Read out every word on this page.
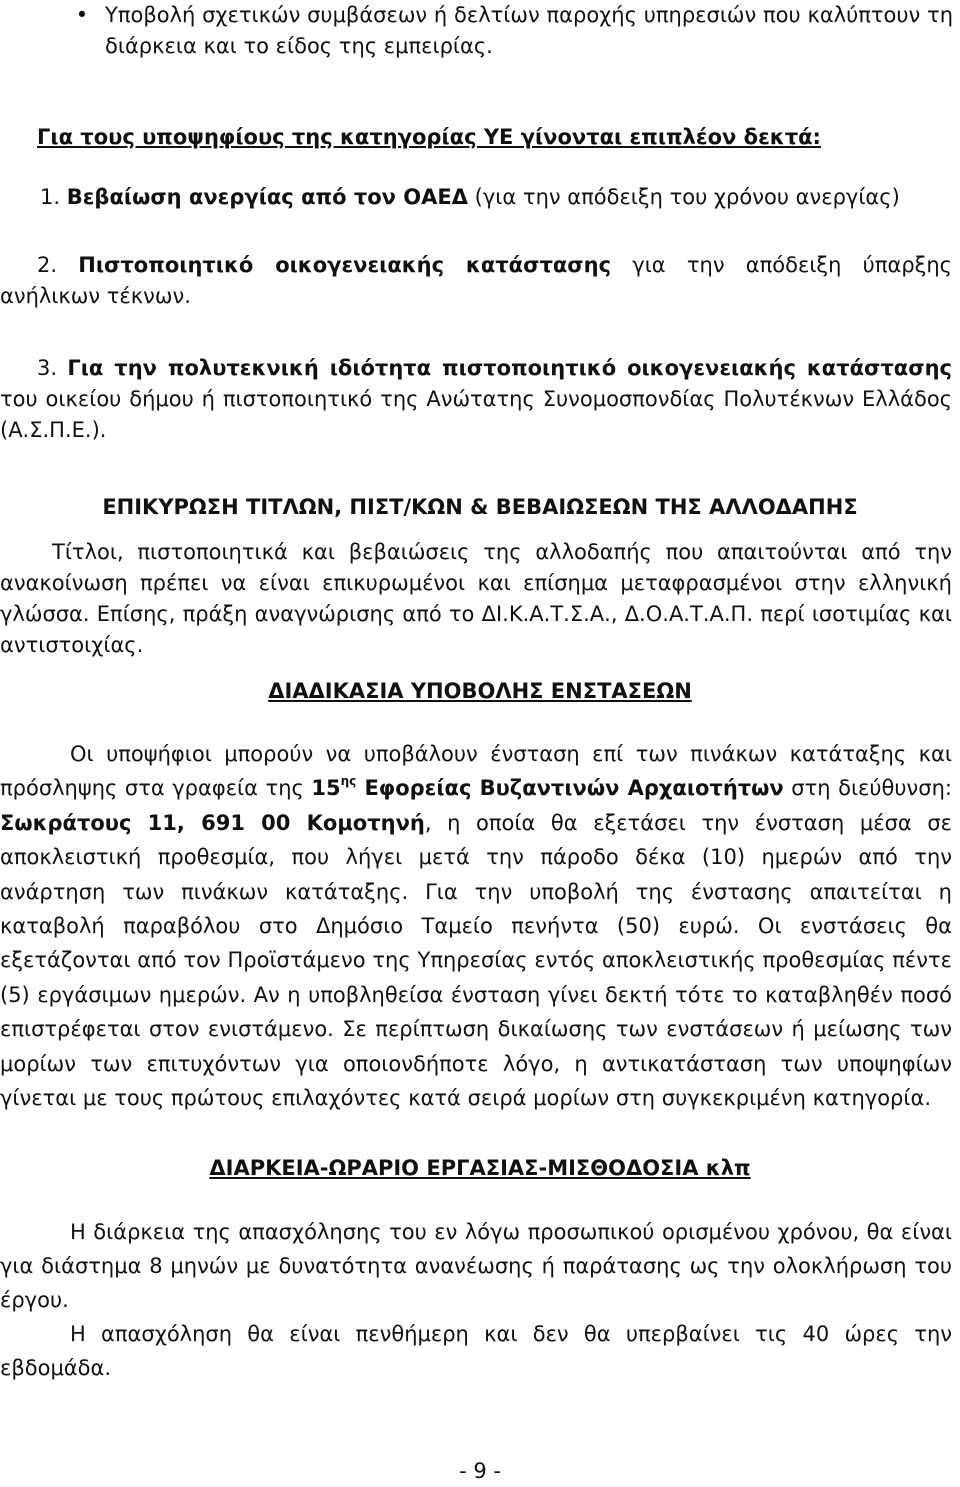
• Υποβολή σχετικών συμβάσεων ή δελτίων παροχής υπηρεσιών που καλύπτουν τη διάρκεια και το είδος της εμπειρίας.

Για τους υποψηφίους της κατηγορίας ΥΕ γίνονται επιπλέον δεκτά:

1. Βεβαίωση ανεργίας από τον ΟΑΕΔ (για την απόδειξη του χρόνου ανεργίας)

2. Πιστοποιητικό οικογενειακής κατάστασης για την απόδειξη ύπαρξης ανήλικων τέκνων.

3. Για την πολυτεκνική ιδιότητα πιστοποιητικό οικογενειακής κατάστασης του οικείου δήμου ή πιστοποιητικό της Ανώτατης Συνομοσπονδίας Πολυτέκνων Ελλάδος (Α.Σ.Π.Ε.).

ΕΠΙΚΥΡΩΣΗ ΤΙΤΛΩΝ, ΠΙΣΤ/ΚΩΝ & ΒΕΒΑΙΩΣΕΩΝ ΤΗΣ ΑΛΛΟΔΑΠΗΣ

Τίτλοι, πιστοποιητικά και βεβαιώσεις της αλλοδαπής που απαιτούνται από την ανακοίνωση πρέπει να είναι επικυρωμένοι και επίσημα μεταφρασμένοι στην ελληνική γλώσσα. Επίσης, πράξη αναγνώρισης από το ΔΙ.Κ.Α.Τ.Σ.Α., Δ.Ο.Α.Τ.Α.Π. περί ισοτιμίας και αντιστοιχίας.

ΔΙΑΔΙΚΑΣΙΑ ΥΠΟΒΟΛΗΣ ΕΝΣΤΑΣΕΩΝ

Οι υποψήφιοι μπορούν να υποβάλουν ένσταση επί των πινάκων κατάταξης και πρόσληψης στα γραφεία της $15^{\eta\varsigma}$ Εφορείας Βυζαντινών Αρχαιοτήτων στη διεύθυνση: Σωκράτους 11, 691 00 Κομοτηνή, η οποία θα εξετάσει την ένσταση μέσα σε αποκλειστική προθεσμία, που λήγει μετά την πάροδο δέκα (10) ημερών από την ανάρτηση των πινάκων κατάταξης. Για την υποβολή της ένστασης απαιτείται η καταβολή παραβόλου στο Δημόσιο Ταμείο πενήντα (50) ευρώ. Οι ενστάσεις θα εξετάζονται από τον Προϊστάμενο της Υπηρεσίας εντός αποκλειστικής προθεσμίας πέντε (5) εργάσιμων ημερών. Αν η υποβληθείσα ένσταση γίνει δεκτή τότε το καταβληθέν ποσό επιστρέφεται στον ενιστάμενο. Σε περίπτωση δικαίωσης των ενστάσεων ή μείωσης των μορίων των επιτυχόντων για οποιονδήποτε λόγο, η αντικατάσταση των υποψηφίων γίνεται με τους πρώτους επιλαχόντες κατά σειρά μορίων στη συγκεκριμένη κατηγορία.

ΔΙΑΡΚΕΙΑ-ΩΡΑΡΙΟ ΕΡΓΑΣΙΑΣ-ΜΙΣΘΟΔΟΣΙΑ κλπ

Η διάρκεια της απασχόλησης του εν λόγω προσωπικού ορισμένου χρόνου, θα είναι για διάστημα 8 μηνών με δυνατότητα ανανέωσης ή παράτασης ως την ολοκλήρωση του έργου.

Η απασχόληση θα είναι πενθήμερη και δεν θα υπερβαίνει τις 40 ώρες την εβδομάδα.

- 9 -
